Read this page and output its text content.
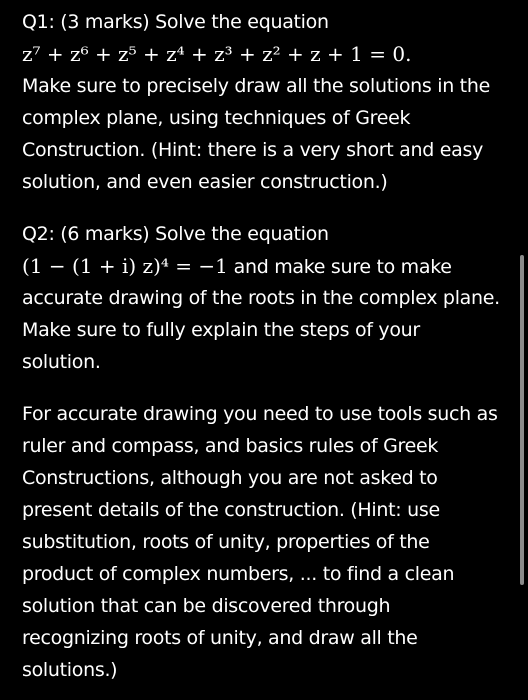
Q1: (3 marks) Solve the equation
z⁷ + z⁶ + z⁵ + z⁴ + z³ + z² + z + 1 = 0.
Make sure to precisely draw all the solutions in the
complex plane, using techniques of Greek
Construction. (Hint: there is a very short and easy
solution, and even easier construction.)
Q2: (6 marks) Solve the equation
(1 − (1 + i) z)⁴ = −1 and make sure to make
accurate drawing of the roots in the complex plane.
Make sure to fully explain the steps of your
solution.
For accurate drawing you need to use tools such as
ruler and compass, and basics rules of Greek
Constructions, although you are not asked to
present details of the construction. (Hint: use
substitution, roots of unity, properties of the
product of complex numbers, ... to find a clean
solution that can be discovered through
recognizing roots of unity, and draw all the
solutions.)
